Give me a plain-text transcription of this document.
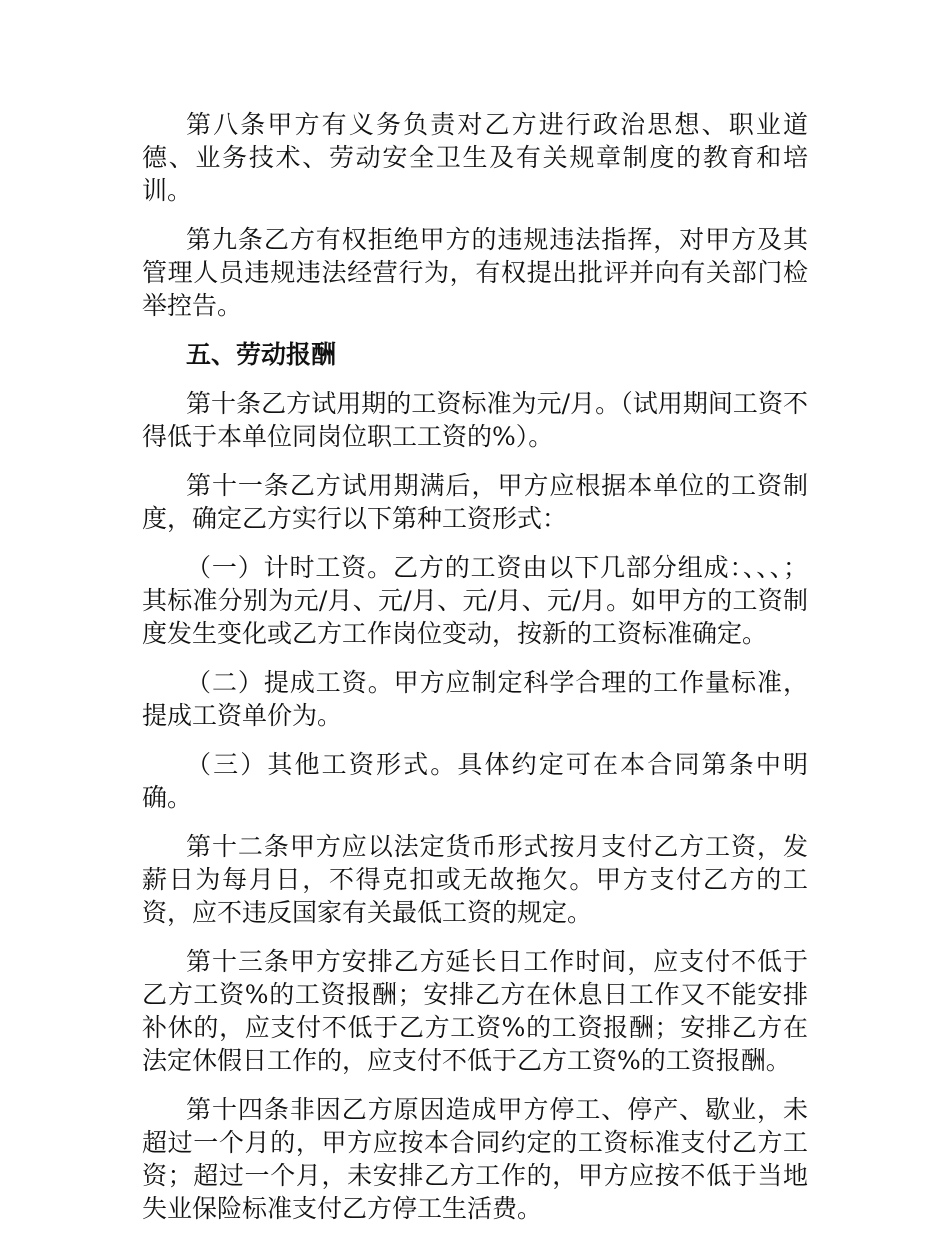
第八条甲方有义务负责对乙方进行政治思想、职业道德、业务技术、劳动安全卫生及有关规章制度的教育和培训。

第九条乙方有权拒绝甲方的违规违法指挥，对甲方及其管理人员违规违法经营行为，有权提出批评并向有关部门检举控告。

五、劳动报酬

第十条乙方试用期的工资标准为元/月。（试用期间工资不得低于本单位同岗位职工工资的%）。

第十一条乙方试用期满后，甲方应根据本单位的工资制度，确定乙方实行以下第种工资形式：

（一）计时工资。乙方的工资由以下几部分组成：、、、；其标准分别为元/月、元/月、元/月、元/月。如甲方的工资制度发生变化或乙方工作岗位变动，按新的工资标准确定。

（二）提成工资。甲方应制定科学合理的工作量标准，提成工资单价为。

（三）其他工资形式。具体约定可在本合同第条中明确。

第十二条甲方应以法定货币形式按月支付乙方工资，发薪日为每月日，不得克扣或无故拖欠。甲方支付乙方的工资，应不违反国家有关最低工资的规定。

第十三条甲方安排乙方延长日工作时间，应支付不低于乙方工资%的工资报酬；安排乙方在休息日工作又不能安排补休的，应支付不低于乙方工资%的工资报酬；安排乙方在法定休假日工作的，应支付不低于乙方工资%的工资报酬。

第十四条非因乙方原因造成甲方停工、停产、歇业，未超过一个月的，甲方应按本合同约定的工资标准支付乙方工资；超过一个月，未安排乙方工作的，甲方应按不低于当地失业保险标准支付乙方停工生活费。
